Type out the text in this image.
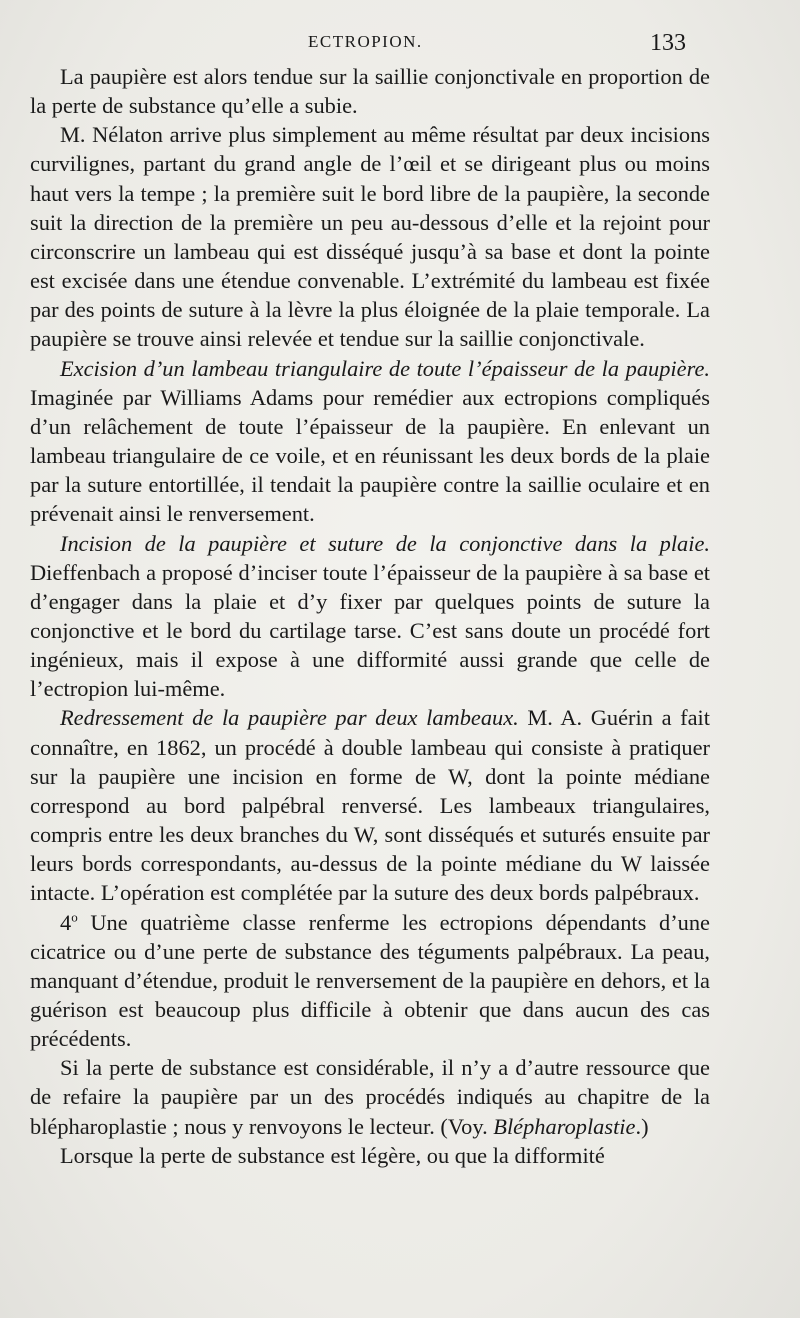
ECTROPION.	133

La paupière est alors tendue sur la saillie conjonctivale en proportion de la perte de substance qu’elle a subie.

M. Nélaton arrive plus simplement au même résultat par deux incisions curvilignes, partant du grand angle de l’œil et se dirigeant plus ou moins haut vers la tempe ; la première suit le bord libre de la paupière, la seconde suit la direction de la première un peu au-dessous d’elle et la rejoint pour circonscrire un lambeau qui est disséqué jusqu’à sa base et dont la pointe est excisée dans une étendue convenable. L’extrémité du lambeau est fixée par des points de suture à la lèvre la plus éloignée de la plaie temporale. La paupière se trouve ainsi relevée et tendue sur la saillie conjonctivale.

Excision d’un lambeau triangulaire de toute l’épaisseur de la paupière. Imaginée par Williams Adams pour remédier aux ectropions compliqués d’un relâchement de toute l’épaisseur de la paupière. En enlevant un lambeau triangulaire de ce voile, et en réunissant les deux bords de la plaie par la suture entortillée, il tendait la paupière contre la saillie oculaire et en prévenait ainsi le renversement.

Incision de la paupière et suture de la conjonctive dans la plaie. Dieffenbach a proposé d’inciser toute l’épaisseur de la paupière à sa base et d’engager dans la plaie et d’y fixer par quelques points de suture la conjonctive et le bord du cartilage tarse. C’est sans doute un procédé fort ingénieux, mais il expose à une difformité aussi grande que celle de l’ectropion lui-même.

Redressement de la paupière par deux lambeaux. M. A. Guérin a fait connaître, en 1862, un procédé à double lambeau qui consiste à pratiquer sur la paupière une incision en forme de W, dont la pointe médiane correspond au bord palpébral renversé. Les lambeaux triangulaires, compris entre les deux branches du W, sont disséqués et suturés ensuite par leurs bords correspondants, au-dessus de la pointe médiane du W laissée intacte. L’opération est complétée par la suture des deux bords palpébraux.

4$^o$ Une quatrième classe renferme les ectropions dépendants d’une cicatrice ou d’une perte de substance des téguments palpébraux. La peau, manquant d’étendue, produit le renversement de la paupière en dehors, et la guérison est beaucoup plus difficile à obtenir que dans aucun des cas précédents.

Si la perte de substance est considérable, il n’y a d’autre ressource que de refaire la paupière par un des procédés indiqués au chapitre de la blépharoplastie ; nous y renvoyons le lecteur. (Voy. Blépharoplastie.)

Lorsque la perte de substance est légère, ou que la difformité
